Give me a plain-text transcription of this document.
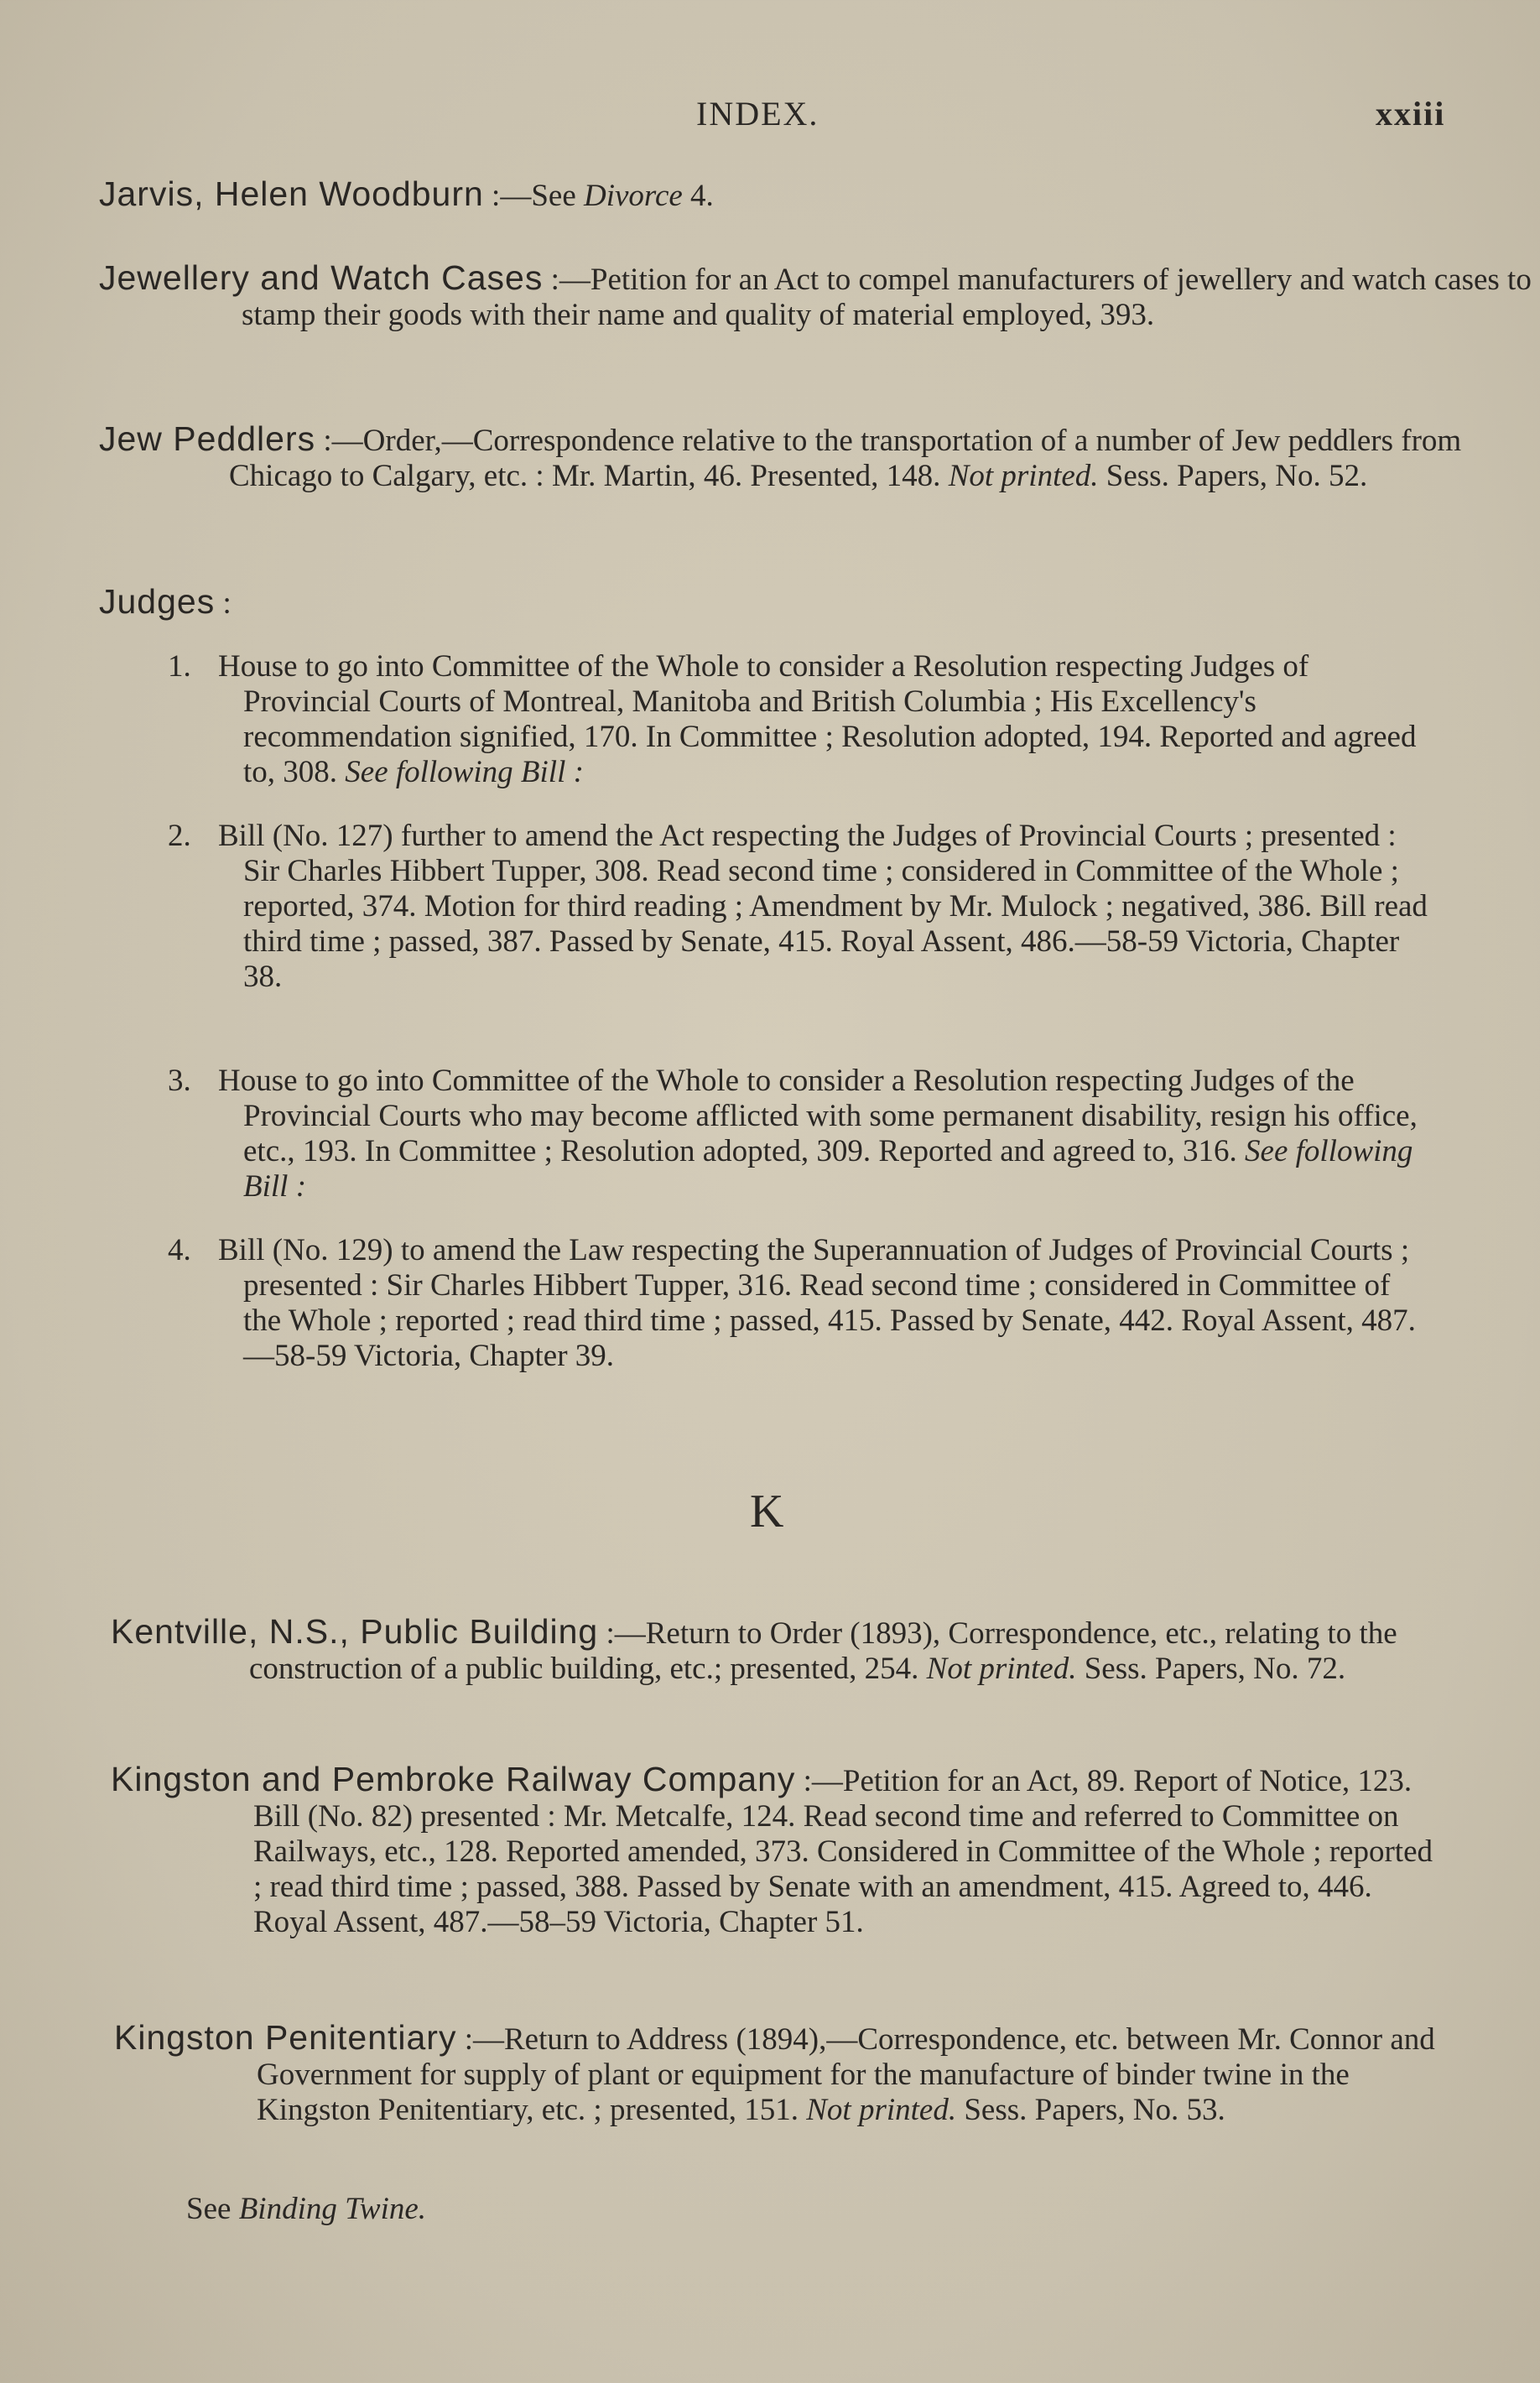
INDEX.	xxiii
Jarvis, Helen Woodburn :—See Divorce 4.
Jewellery and Watch Cases :—Petition for an Act to compel manufacturers of jewellery and watch cases to stamp their goods with their name and quality of material employed, 393.
Jew Peddlers :—Order,—Correspondence relative to the transportation of a number of Jew peddlers from Chicago to Calgary, etc. : Mr. Martin, 46. Presented, 148. Not printed. Sess. Papers, No. 52.
Judges :
1. House to go into Committee of the Whole to consider a Resolution respecting Judges of Provincial Courts of Montreal, Manitoba and British Columbia ; His Excellency's recommendation signified, 170. In Committee ; Resolution adopted, 194. Reported and agreed to, 308. See following Bill :
2. Bill (No. 127) further to amend the Act respecting the Judges of Provincial Courts ; presented : Sir Charles Hibbert Tupper, 308. Read second time ; considered in Committee of the Whole ; reported, 374. Motion for third reading ; Amendment by Mr. Mulock ; negatived, 386. Bill read third time ; passed, 387. Passed by Senate, 415. Royal Assent, 486.—58-59 Victoria, Chapter 38.
3. House to go into Committee of the Whole to consider a Resolution respecting Judges of the Provincial Courts who may become afflicted with some permanent disability, resign his office, etc., 193. In Committee ; Resolution adopted, 309. Reported and agreed to, 316. See following Bill :
4. Bill (No. 129) to amend the Law respecting the Superannuation of Judges of Provincial Courts ; presented : Sir Charles Hibbert Tupper, 316. Read second time ; considered in Committee of the Whole ; reported ; read third time ; passed, 415. Passed by Senate, 442. Royal Assent, 487.—58-59 Victoria, Chapter 39.
K
Kentville, N.S., Public Building :—Return to Order (1893), Correspondence, etc., relating to the construction of a public building, etc.; presented, 254. Not printed. Sess. Papers, No. 72.
Kingston and Pembroke Railway Company :—Petition for an Act, 89. Report of Notice, 123. Bill (No. 82) presented : Mr. Metcalfe, 124. Read second time and referred to Committee on Railways, etc., 128. Reported amended, 373. Considered in Committee of the Whole ; reported ; read third time ; passed, 388. Passed by Senate with an amendment, 415. Agreed to, 446. Royal Assent, 487.—58–59 Victoria, Chapter 51.
Kingston Penitentiary :—Return to Address (1894),—Correspondence, etc. between Mr. Connor and Government for supply of plant or equipment for the manufacture of binder twine in the Kingston Penitentiary, etc. ; presented, 151. Not printed. Sess. Papers, No. 53.
See Binding Twine.
